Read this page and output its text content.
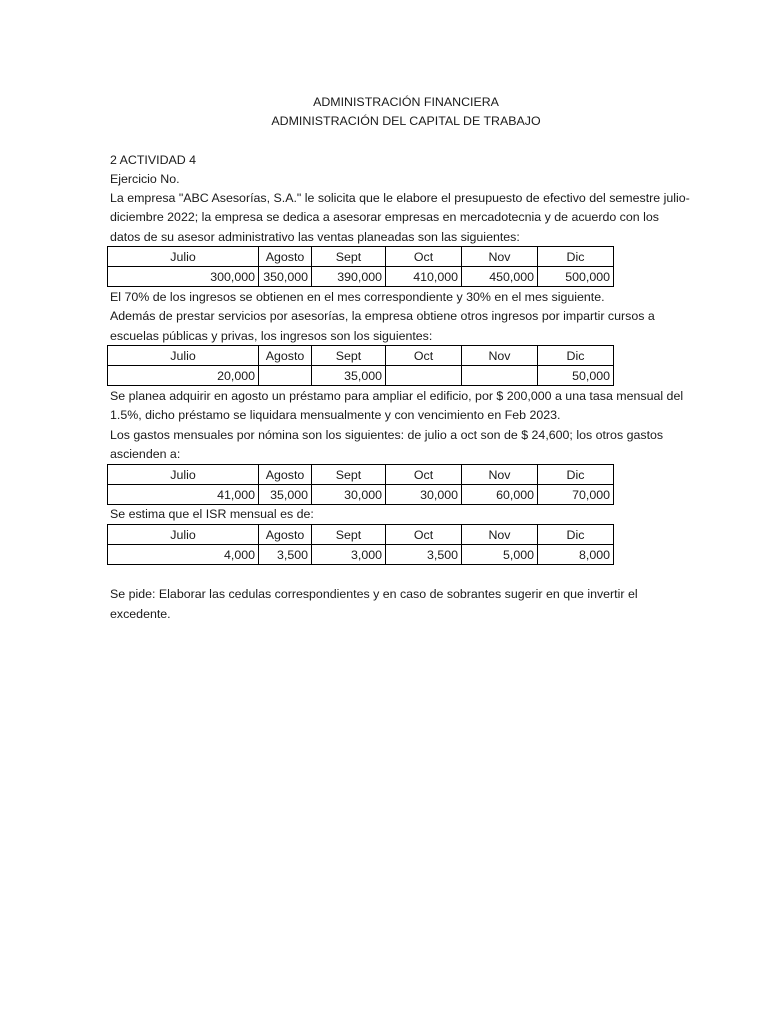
ADMINISTRACIÓN FINANCIERA
ADMINISTRACIÓN DEL CAPITAL DE TRABAJO
2 ACTIVIDAD 4
Ejercicio No.
La empresa "ABC Asesorías, S.A." le solicita que le elabore el presupuesto de efectivo del semestre julio-
diciembre 2022; la empresa se dedica a asesorar empresas en mercadotecnia y de acuerdo con los
datos de su asesor administrativo las ventas planeadas son las siguientes:
Julio	Agosto	Sept	Oct	Nov	Dic
300,000	350,000	390,000	410,000	450,000	500,000
El 70% de los ingresos se obtienen en el mes correspondiente y 30% en el mes siguiente.
Además de prestar servicios por asesorías, la empresa obtiene otros ingresos por impartir cursos a
escuelas públicas y privas, los ingresos son los siguientes:
Julio	Agosto	Sept	Oct	Nov	Dic
20,000		35,000			50,000
Se planea adquirir en agosto un préstamo para ampliar el edificio, por $ 200,000 a una tasa mensual del
1.5%, dicho préstamo se liquidara mensualmente y con vencimiento en Feb 2023.
Los gastos mensuales por nómina son los siguientes: de julio a oct son de $ 24,600; los otros gastos
ascienden a:
Julio	Agosto	Sept	Oct	Nov	Dic
41,000	35,000	30,000	30,000	60,000	70,000
Se estima que el ISR mensual es de:
Julio	Agosto	Sept	Oct	Nov	Dic
4,000	3,500	3,000	3,500	5,000	8,000
Se pide: Elaborar las cedulas correspondientes y en caso de sobrantes sugerir en que invertir el
excedente.
